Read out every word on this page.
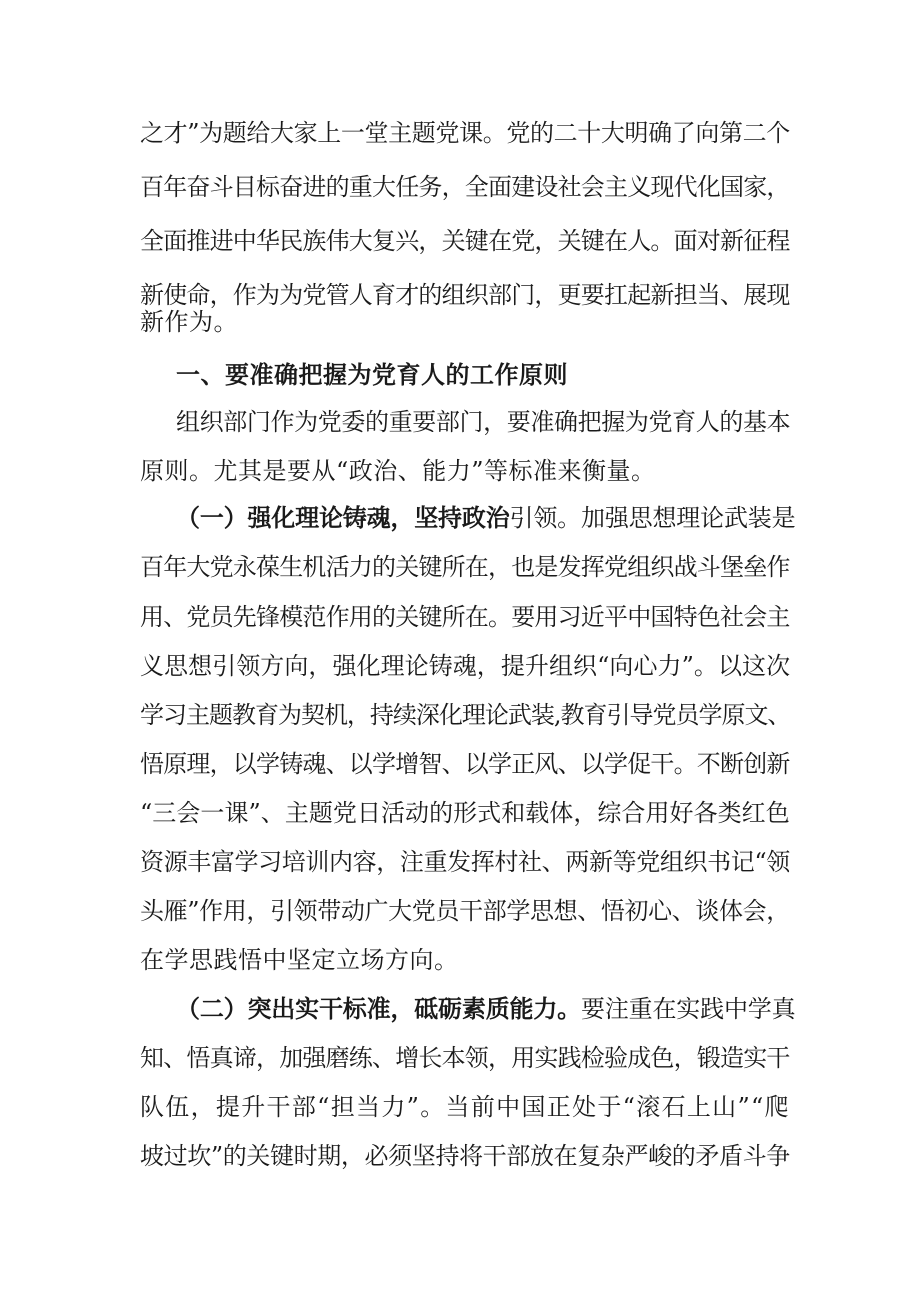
之才”为题给大家上一堂主题党课。党的二十大明确了向第二个
百年奋斗目标奋进的重大任务，全面建设社会主义现代化国家，
全面推进中华民族伟大复兴，关键在党，关键在人。面对新征程
新使命，作为为党管人育才的组织部门，更要扛起新担当、展现
新作为。
一、要准确把握为党育人的工作原则
组织部门作为党委的重要部门，要准确把握为党育人的基本
原则。尤其是要从“政治、能力”等标准来衡量。
（一）强化理论铸魂，坚持政治引领。加强思想理论武装是
百年大党永葆生机活力的关键所在，也是发挥党组织战斗堡垒作
用、党员先锋模范作用的关键所在。要用习近平中国特色社会主
义思想引领方向，强化理论铸魂，提升组织“向心力”。以这次
学习主题教育为契机，持续深化理论武装,教育引导党员学原文、
悟原理，以学铸魂、以学增智、以学正风、以学促干。不断创新
“三会一课”、主题党日活动的形式和载体，综合用好各类红色
资源丰富学习培训内容，注重发挥村社、两新等党组织书记“领
头雁”作用，引领带动广大党员干部学思想、悟初心、谈体会，
在学思践悟中坚定立场方向。
（二）突出实干标准，砥砺素质能力。要注重在实践中学真
知、悟真谛，加强磨练、增长本领，用实践检验成色，锻造实干
队伍，提升干部“担当力”。当前中国正处于“滚石上山”“爬
坡过坎”的关键时期，必须坚持将干部放在复杂严峻的矛盾斗争
